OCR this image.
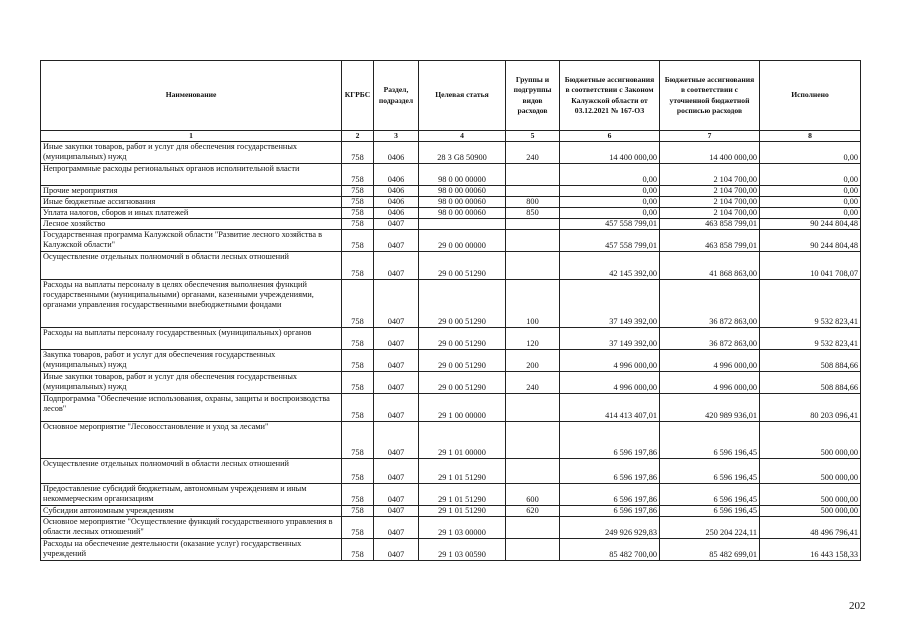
Наименование	КГРБС	Раздел, подраздел	Целевая статья	Группы и подгруппы видов расходов	Бюджетные ассигнования в соответствии с Законом Калужской области от 03.12.2021 № 167-ОЗ	Бюджетные ассигнования в соответствии с уточненной бюджетной росписью расходов	Исполнено
1	2	3	4	5	6	7	8
Иные закупки товаров, работ и услуг для обеспечения государственных (муниципальных) нужд	758	0406	28 3 G8 50900	240	14 400 000,00	14 400 000,00	0,00
Непрограммные расходы региональных органов исполнительной власти	758	0406	98 0 00 00000		0,00	2 104 700,00	0,00
Прочие мероприятия	758	0406	98 0 00 00060		0,00	2 104 700,00	0,00
Иные бюджетные ассигнования	758	0406	98 0 00 00060	800	0,00	2 104 700,00	0,00
Уплата налогов, сборов и иных платежей	758	0406	98 0 00 00060	850	0,00	2 104 700,00	0,00
Лесное хозяйство	758	0407			457 558 799,01	463 858 799,01	90 244 804,48
Государственная программа Калужской области "Развитие лесного хозяйства в Калужской области"	758	0407	29 0 00 00000		457 558 799,01	463 858 799,01	90 244 804,48
Осуществление отдельных полномочий в области лесных отношений	758	0407	29 0 00 51290		42 145 392,00	41 868 863,00	10 041 708,07
Расходы на выплаты персоналу в целях обеспечения выполнения функций государственными (муниципальными) органами, казенными учреждениями, органами управления государственными внебюджетными фондами	758	0407	29 0 00 51290	100	37 149 392,00	36 872 863,00	9 532 823,41
Расходы на выплаты персоналу государственных (муниципальных) органов	758	0407	29 0 00 51290	120	37 149 392,00	36 872 863,00	9 532 823,41
Закупка товаров, работ и услуг для обеспечения государственных (муниципальных) нужд	758	0407	29 0 00 51290	200	4 996 000,00	4 996 000,00	508 884,66
Иные закупки товаров, работ и услуг для обеспечения государственных (муниципальных) нужд	758	0407	29 0 00 51290	240	4 996 000,00	4 996 000,00	508 884,66
Подпрограмма "Обеспечение использования, охраны, защиты и воспроизводства лесов"	758	0407	29 1 00 00000		414 413 407,01	420 989 936,01	80 203 096,41
Основное мероприятие "Лесовосстановление и уход за лесами"	758	0407	29 1 01 00000		6 596 197,86	6 596 196,45	500 000,00
Осуществление отдельных полномочий в области лесных отношений	758	0407	29 1 01 51290		6 596 197,86	6 596 196,45	500 000,00
Предоставление субсидий бюджетным, автономным учреждениям и иным некоммерческим организациям	758	0407	29 1 01 51290	600	6 596 197,86	6 596 196,45	500 000,00
Субсидии автономным учреждениям	758	0407	29 1 01 51290	620	6 596 197,86	6 596 196,45	500 000,00
Основное мероприятие "Осуществление функций государственного управления в области лесных отношений"	758	0407	29 1 03 00000		249 926 929,83	250 204 224,11	48 496 796,41
Расходы на обеспечение деятельности (оказание услуг) государственных учреждений	758	0407	29 1 03 00590		85 482 700,00	85 482 699,01	16 443 158,33
202
